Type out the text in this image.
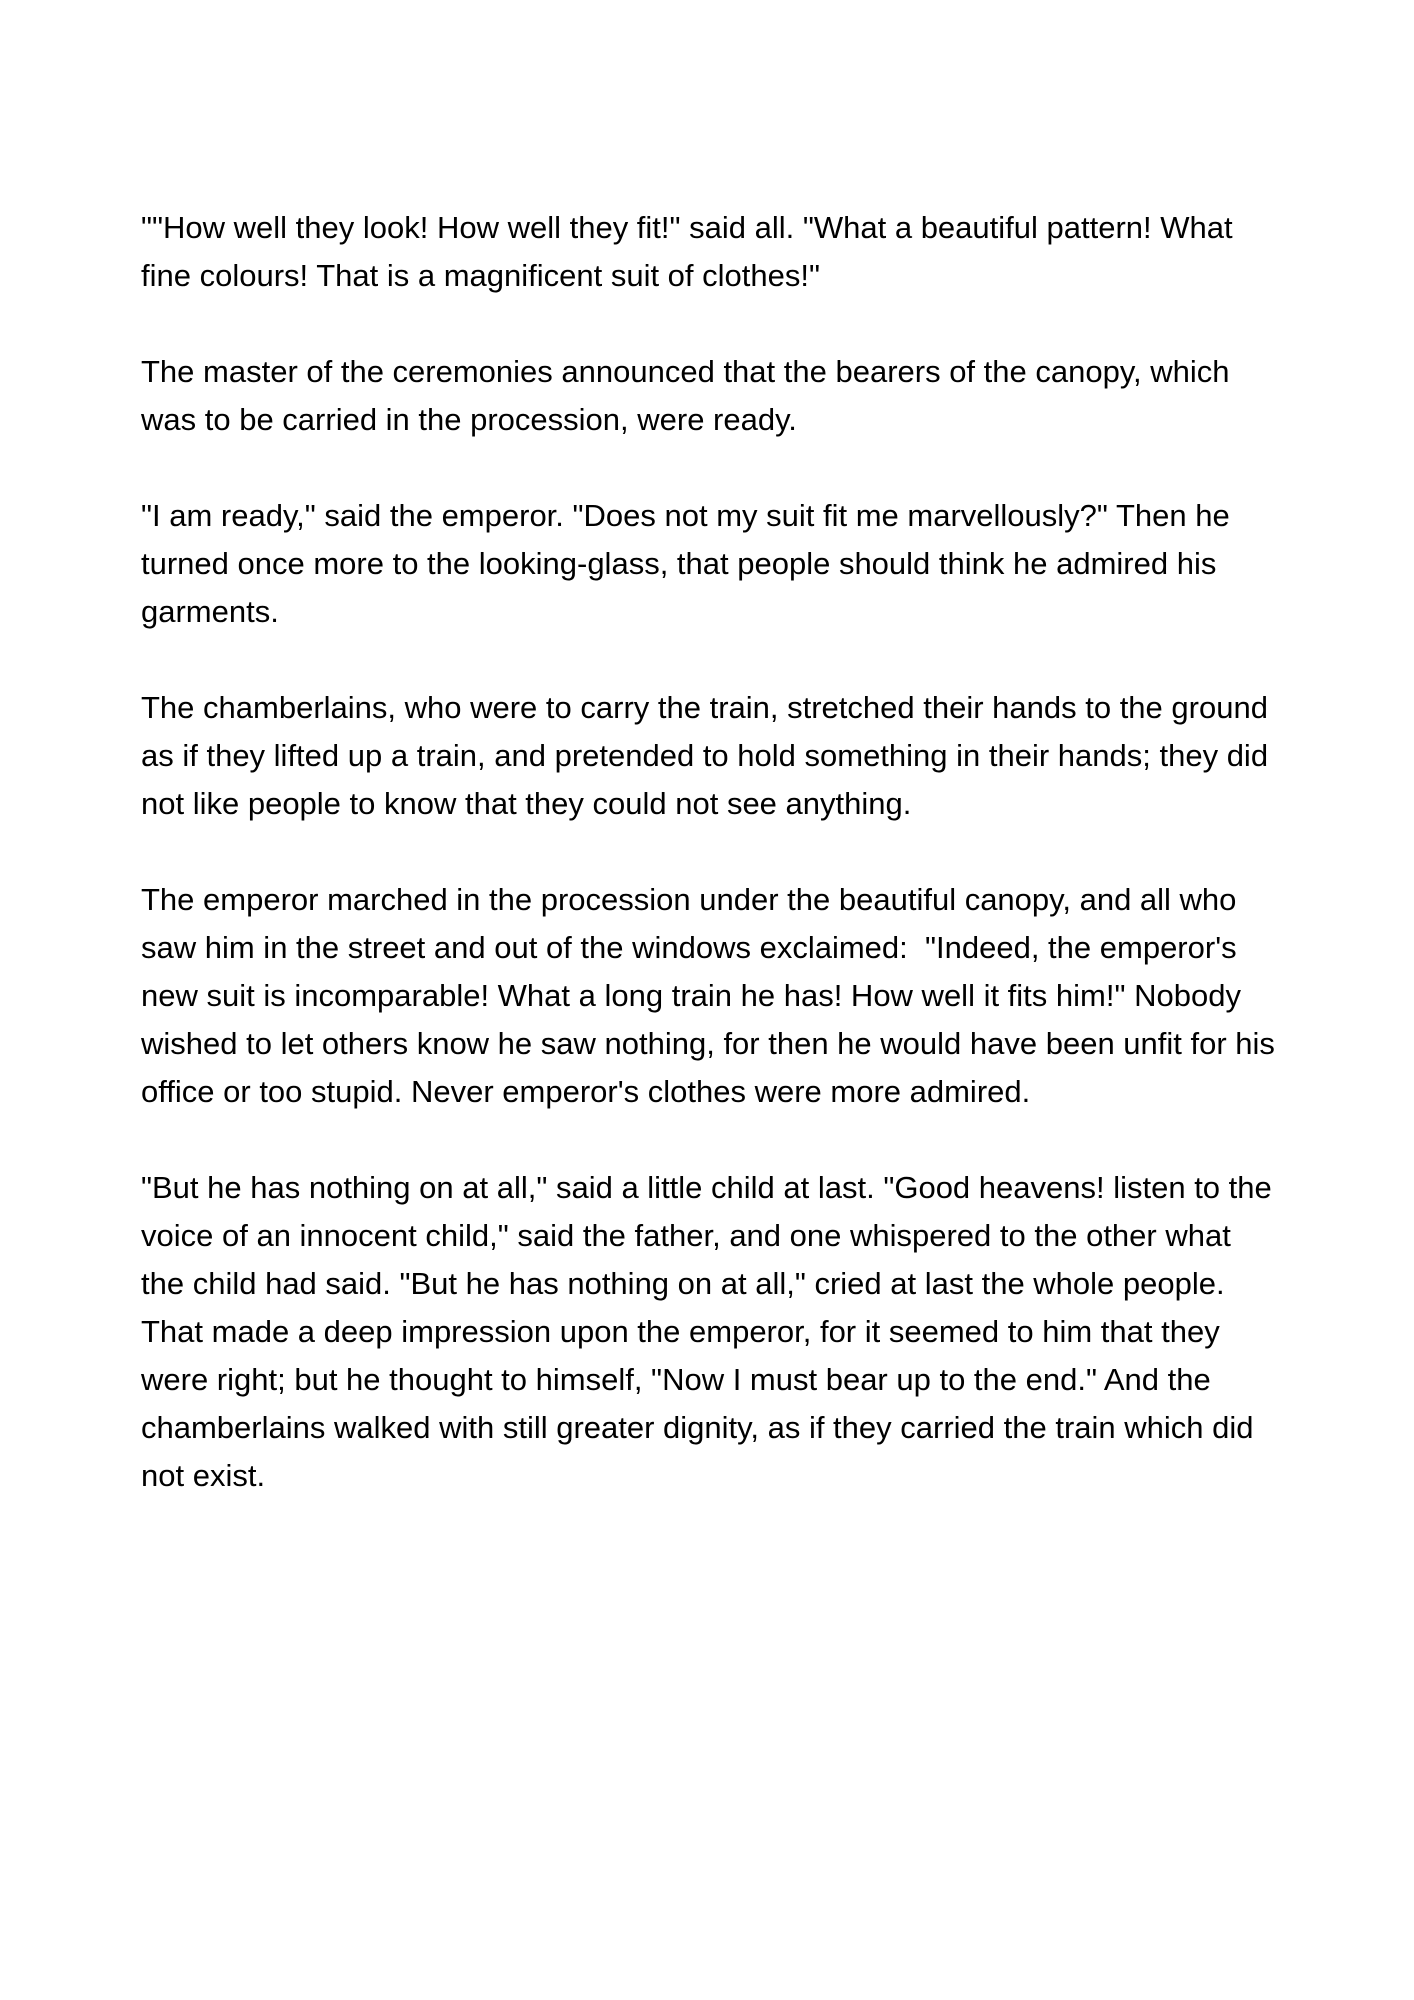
""How well they look! How well they fit!" said all. "What a beautiful pattern! What fine colours! That is a magnificent suit of clothes!"

The master of the ceremonies announced that the bearers of the canopy, which was to be carried in the procession, were ready.

"I am ready," said the emperor. "Does not my suit fit me marvellously?" Then he turned once more to the looking-glass, that people should think he admired his garments.

The chamberlains, who were to carry the train, stretched their hands to the ground as if they lifted up a train, and pretended to hold something in their hands; they did not like people to know that they could not see anything.

The emperor marched in the procession under the beautiful canopy, and all who saw him in the street and out of the windows exclaimed:  "Indeed, the emperor's new suit is incomparable! What a long train he has! How well it fits him!" Nobody wished to let others know he saw nothing, for then he would have been unfit for his office or too stupid. Never emperor's clothes were more admired.

"But he has nothing on at all," said a little child at last. "Good heavens! listen to the voice of an innocent child," said the father, and one whispered to the other what the child had said. "But he has nothing on at all," cried at last the whole people. That made a deep impression upon the emperor, for it seemed to him that they were right; but he thought to himself, "Now I must bear up to the end." And the chamberlains walked with still greater dignity, as if they carried the train which did not exist.
